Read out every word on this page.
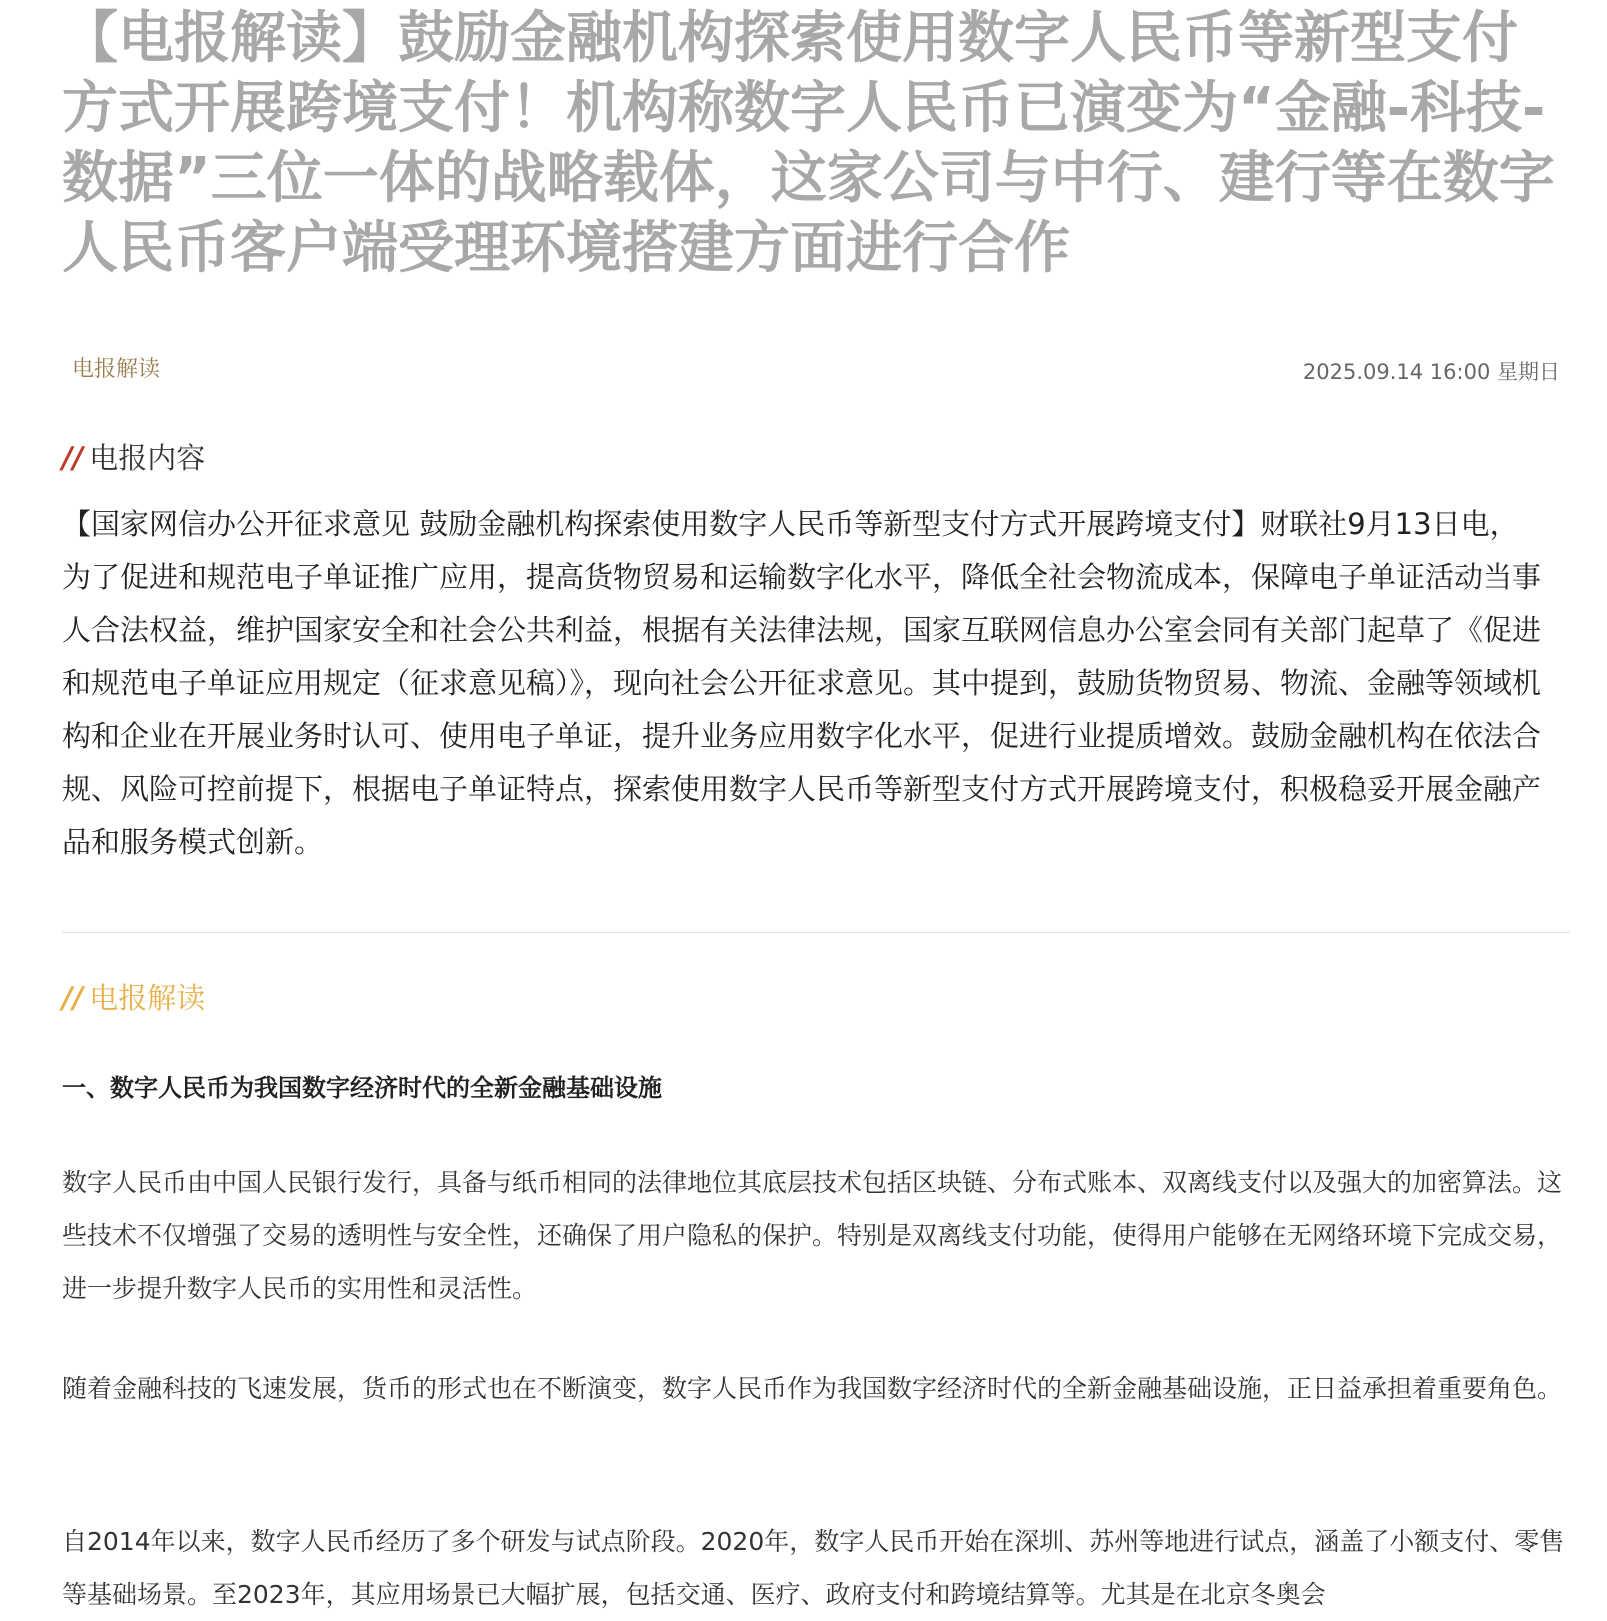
【电报解读】鼓励金融机构探索使用数字人民币等新型支付方式开展跨境支付！机构称数字人民币已演变为“金融-科技-数据”三位一体的战略载体，这家公司与中行、建行等在数字人民币客户端受理环境搭建方面进行合作
电报解读	2025.09.14 16:00 星期日
// 电报内容

【国家网信办公开征求意见 鼓励金融机构探索使用数字人民币等新型支付方式开展跨境支付】财联社9月13日电，为了促进和规范电子单证推广应用，提高货物贸易和运输数字化水平，降低全社会物流成本，保障电子单证活动当事人合法权益，维护国家安全和社会公共利益，根据有关法律法规，国家互联网信息办公室会同有关部门起草了《促进和规范电子单证应用规定（征求意见稿）》，现向社会公开征求意见。其中提到，鼓励货物贸易、物流、金融等领域机构和企业在开展业务时认可、使用电子单证，提升业务应用数字化水平，促进行业提质增效。鼓励金融机构在依法合规、风险可控前提下，根据电子单证特点，探索使用数字人民币等新型支付方式开展跨境支付，积极稳妥开展金融产品和服务模式创新。

// 电报解读
一、数字人民币为我国数字经济时代的全新金融基础设施

数字人民币由中国人民银行发行，具备与纸币相同的法律地位其底层技术包括区块链、分布式账本、双离线支付以及强大的加密算法。这些技术不仅增强了交易的透明性与安全性，还确保了用户隐私的保护。特别是双离线支付功能，使得用户能够在无网络环境下完成交易，进一步提升数字人民币的实用性和灵活性。

随着金融科技的飞速发展，货币的形式也在不断演变，数字人民币作为我国数字经济时代的全新金融基础设施，正日益承担着重要角色。

自2014年以来，数字人民币经历了多个研发与试点阶段。2020年，数字人民币开始在深圳、苏州等地进行试点，涵盖了小额支付、零售等基础场景。至2023年，其应用场景已大幅扩展，包括交通、医疗、政府支付和跨境结算等。尤其是在北京冬奥会
